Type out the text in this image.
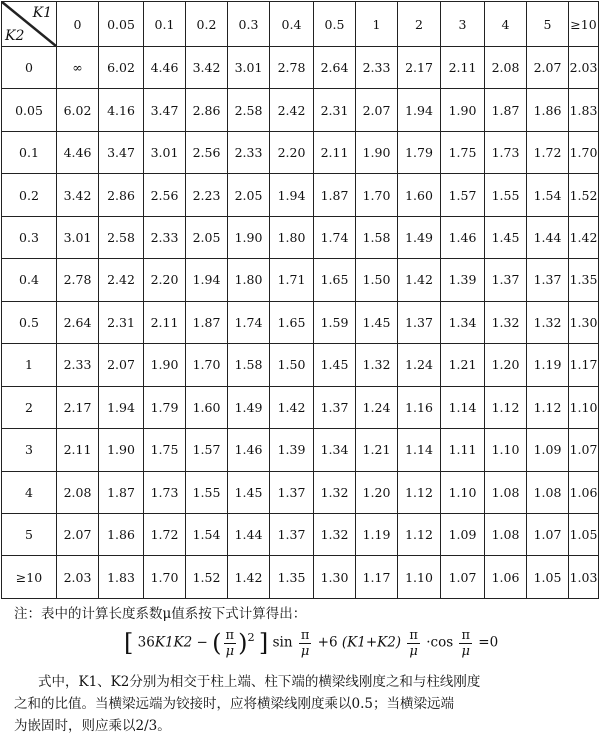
K1
K2	0	0.05	0.1	0.2	0.3	0.4	0.5	1	2	3	4	5	≥10
0	∞	6.02	4.46	3.42	3.01	2.78	2.64	2.33	2.17	2.11	2.08	2.07	2.03
0.05	6.02	4.16	3.47	2.86	2.58	2.42	2.31	2.07	1.94	1.90	1.87	1.86	1.83
0.1	4.46	3.47	3.01	2.56	2.33	2.20	2.11	1.90	1.79	1.75	1.73	1.72	1.70
0.2	3.42	2.86	2.56	2.23	2.05	1.94	1.87	1.70	1.60	1.57	1.55	1.54	1.52
0.3	3.01	2.58	2.33	2.05	1.90	1.80	1.74	1.58	1.49	1.46	1.45	1.44	1.42
0.4	2.78	2.42	2.20	1.94	1.80	1.71	1.65	1.50	1.42	1.39	1.37	1.37	1.35
0.5	2.64	2.31	2.11	1.87	1.74	1.65	1.59	1.45	1.37	1.34	1.32	1.32	1.30
1	2.33	2.07	1.90	1.70	1.58	1.50	1.45	1.32	1.24	1.21	1.20	1.19	1.17
2	2.17	1.94	1.79	1.60	1.49	1.42	1.37	1.24	1.16	1.14	1.12	1.12	1.10
3	2.11	1.90	1.75	1.57	1.46	1.39	1.34	1.21	1.14	1.11	1.10	1.09	1.07
4	2.08	1.87	1.73	1.55	1.45	1.37	1.32	1.20	1.12	1.10	1.08	1.08	1.06
5	2.07	1.86	1.72	1.54	1.44	1.37	1.32	1.19	1.12	1.09	1.08	1.07	1.05
≥10	2.03	1.83	1.70	1.52	1.42	1.35	1.30	1.17	1.10	1.07	1.06	1.05	1.03
注：表中的计算长度系数μ值系按下式计算得出：
[ 36K1K2 − ( $\frac{\pi}{\mu} )^2$ ] $\sin \frac{\pi}{\mu} +6$ $(K1+K2) \frac{\pi}{\mu} \cdot\cos \frac{\pi}{\mu} =0$
式中，K1、K2分别为相交于柱上端、柱下端的横梁线刚度之和与柱线刚度
之和的比值。当横梁远端为铰接时，应将横梁线刚度乘以0.5；当横梁远端
为嵌固时，则应乘以2/3。
